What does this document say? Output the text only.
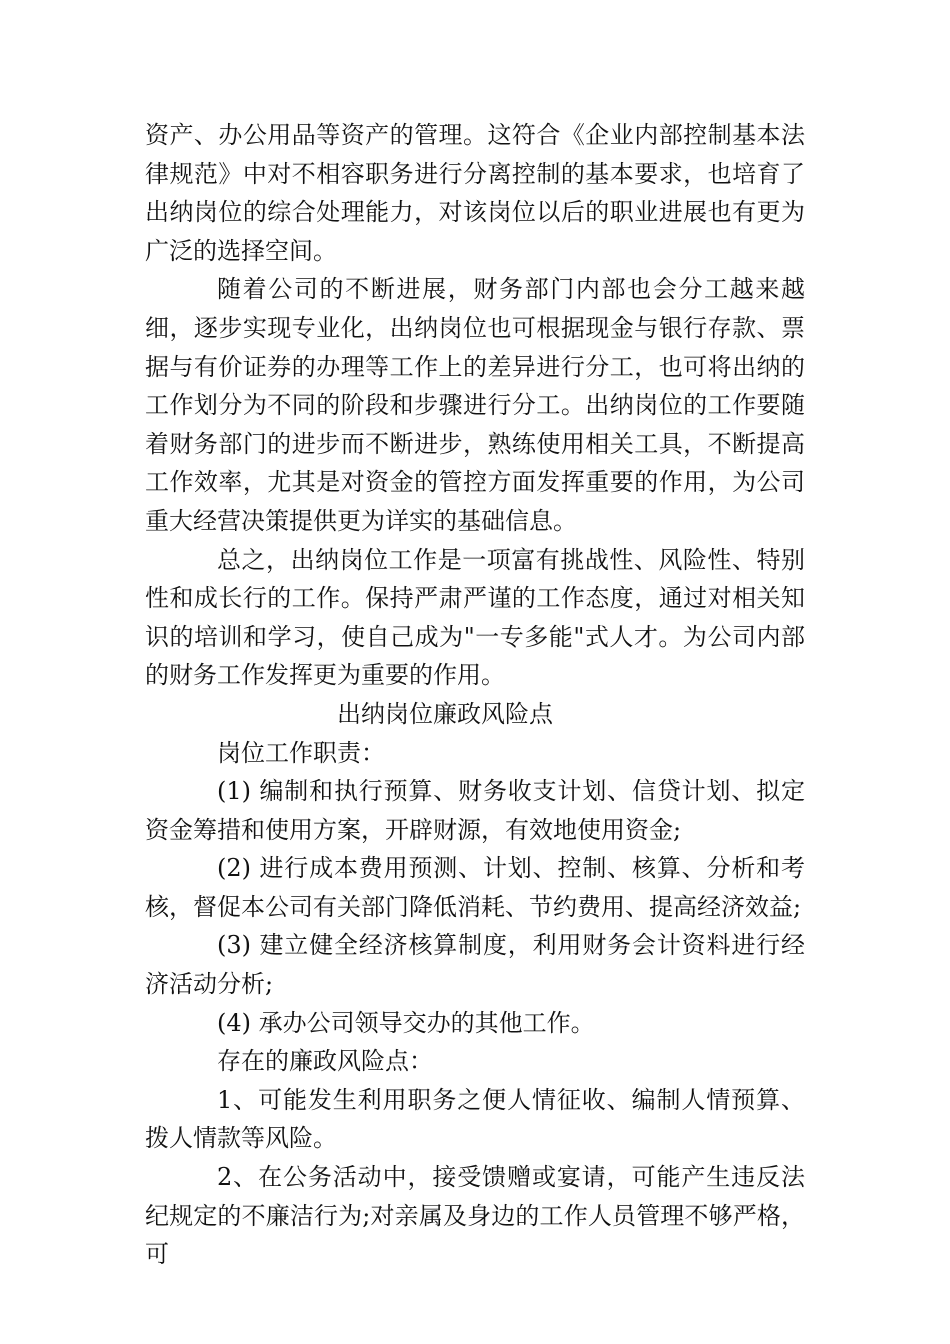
资产、办公用品等资产的管理。这符合《企业内部控制基本法律规范》中对不相容职务进行分离控制的基本要求，也培育了出纳岗位的综合处理能力，对该岗位以后的职业进展也有更为广泛的选择空间。

随着公司的不断进展，财务部门内部也会分工越来越细，逐步实现专业化，出纳岗位也可根据现金与银行存款、票据与有价证券的办理等工作上的差异进行分工，也可将出纳的工作划分为不同的阶段和步骤进行分工。出纳岗位的工作要随着财务部门的进步而不断进步，熟练使用相关工具，不断提高工作效率，尤其是对资金的管控方面发挥重要的作用，为公司重大经营决策提供更为详实的基础信息。

总之，出纳岗位工作是一项富有挑战性、风险性、特别性和成长行的工作。保持严肃严谨的工作态度，通过对相关知识的培训和学习，使自己成为"一专多能"式人才。为公司内部的财务工作发挥更为重要的作用。

出纳岗位廉政风险点

岗位工作职责：

(1) 编制和执行预算、财务收支计划、信贷计划、拟定资金筹措和使用方案，开辟财源，有效地使用资金;

(2) 进行成本费用预测、计划、控制、核算、分析和考核，督促本公司有关部门降低消耗、节约费用、提高经济效益;

(3) 建立健全经济核算制度，利用财务会计资料进行经济活动分析;

(4) 承办公司领导交办的其他工作。

存在的廉政风险点：

1、可能发生利用职务之便人情征收、编制人情预算、拨人情款等风险。

2、在公务活动中，接受馈赠或宴请，可能产生违反法纪规定的不廉洁行为;对亲属及身边的工作人员管理不够严格，可
